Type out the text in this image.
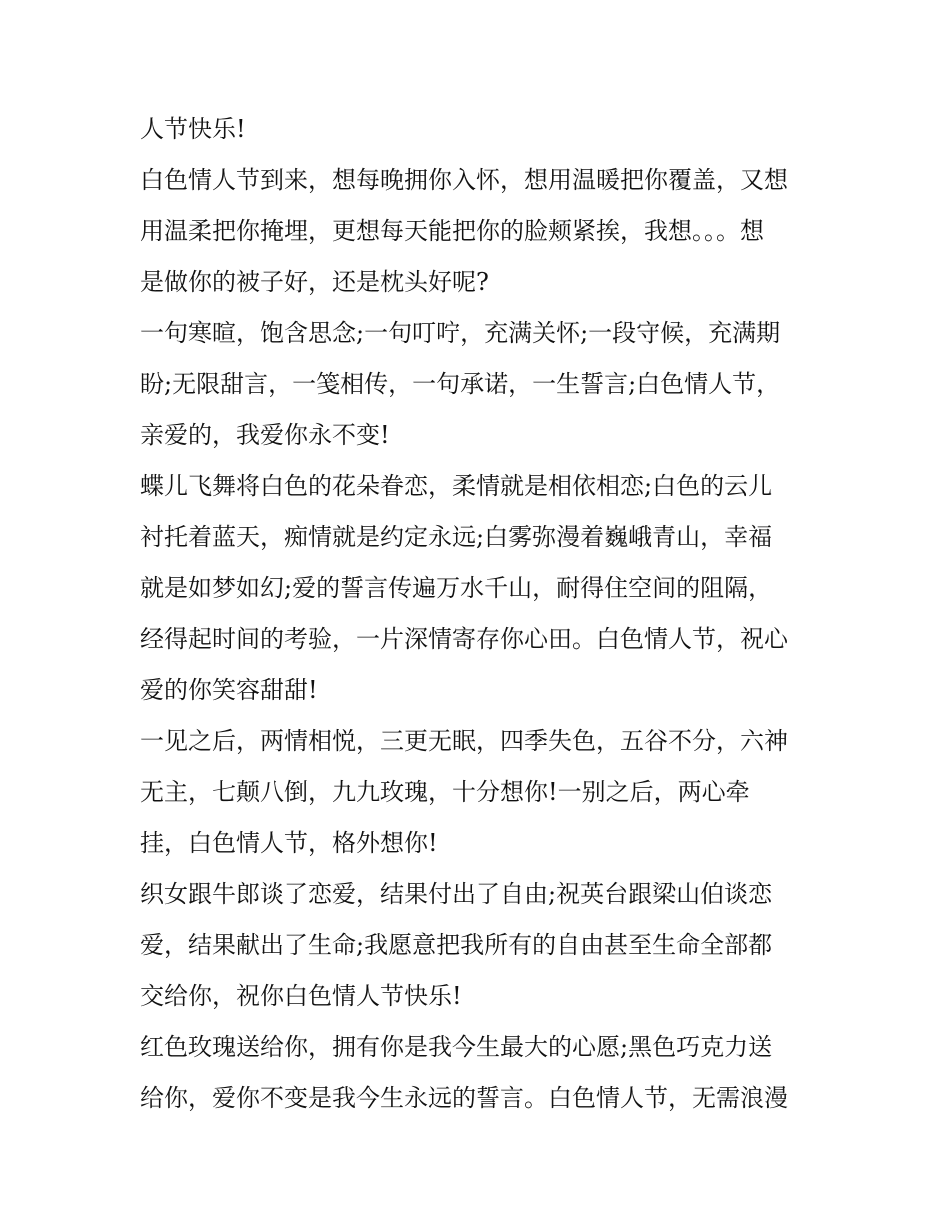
人节快乐!
白色情人节到来，想每晚拥你入怀，想用温暖把你覆盖，又想
用温柔把你掩埋，更想每天能把你的脸颊紧挨，我想。。。想
是做你的被子好，还是枕头好呢?
一句寒暄，饱含思念;一句叮咛，充满关怀;一段守候，充满期
盼;无限甜言，一笺相传，一句承诺，一生誓言;白色情人节，
亲爱的，我爱你永不变!
蝶儿飞舞将白色的花朵眷恋，柔情就是相依相恋;白色的云儿
衬托着蓝天，痴情就是约定永远;白雾弥漫着巍峨青山，幸福
就是如梦如幻;爱的誓言传遍万水千山，耐得住空间的阻隔，
经得起时间的考验，一片深情寄存你心田。白色情人节，祝心
爱的你笑容甜甜!
一见之后，两情相悦，三更无眠，四季失色，五谷不分，六神
无主，七颠八倒，九九玫瑰，十分想你!一别之后，两心牵
挂，白色情人节，格外想你!
织女跟牛郎谈了恋爱，结果付出了自由;祝英台跟梁山伯谈恋
爱，结果献出了生命;我愿意把我所有的自由甚至生命全部都
交给你，祝你白色情人节快乐!
红色玫瑰送给你，拥有你是我今生最大的心愿;黑色巧克力送
给你，爱你不变是我今生永远的誓言。白色情人节，无需浪漫
